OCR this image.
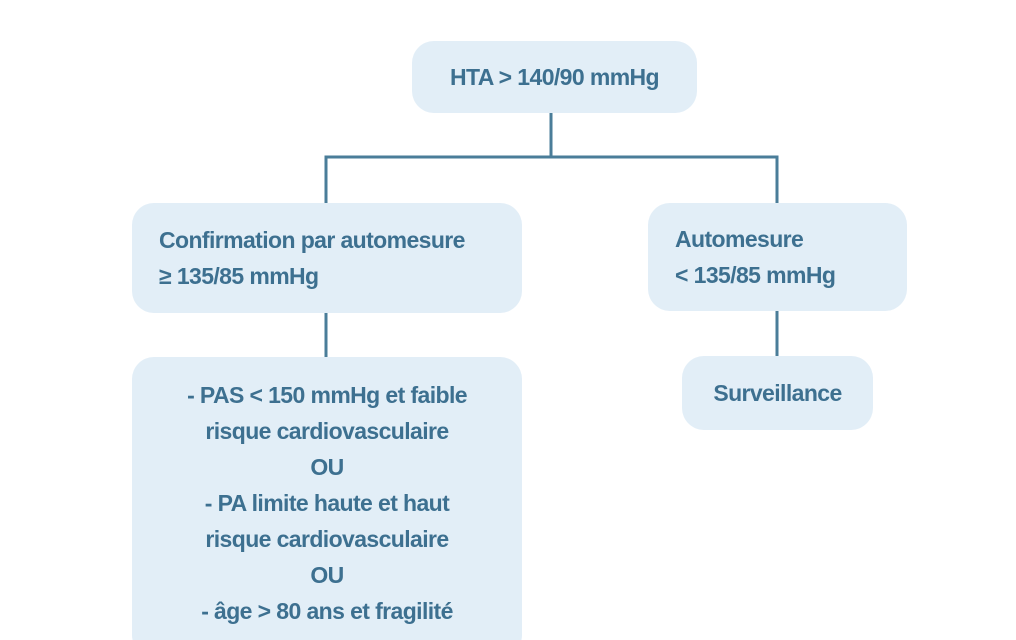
HTA > 140/90 mmHg
Confirmation par automesure
≥ 135/85 mmHg
Automesure
< 135/85 mmHg
- PAS < 150 mmHg et faible
risque cardiovasculaire
OU
- PA limite haute et haut
risque cardiovasculaire
OU
- âge > 80 ans et fragilité
Surveillance
